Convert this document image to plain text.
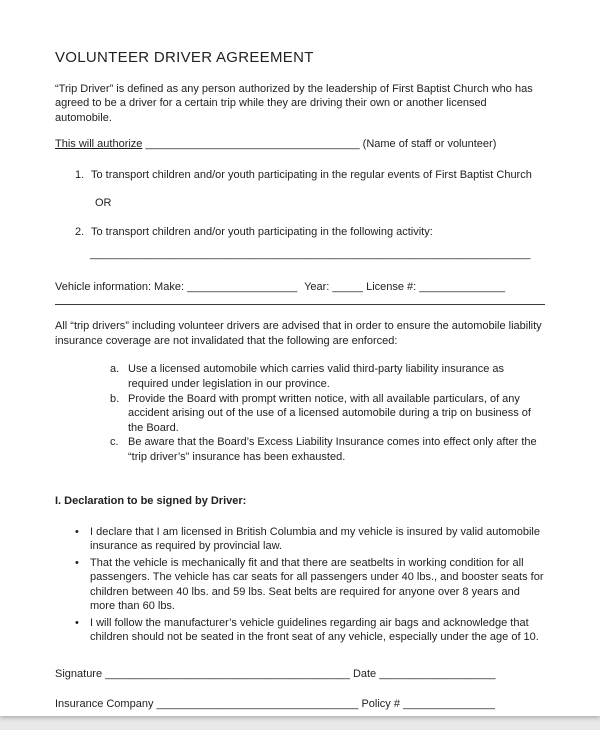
VOLUNTEER DRIVER AGREEMENT

“Trip Driver” is defined as any person authorized by the leadership of First Baptist Church who has agreed to be a driver for a certain trip while they are driving their own or another licensed automobile.

This will authorize ___________________________________ (Name of staff or volunteer)

1. To transport children and/or youth participating in the regular events of First Baptist Church
OR
2. To transport children and/or youth participating in the following activity:

________________________________________________________________________

Vehicle information: Make: __________________ Year: _____ License #: ______________

All “trip drivers” including volunteer drivers are advised that in order to ensure the automobile liability insurance coverage are not invalidated that the following are enforced:

a. Use a licensed automobile which carries valid third-party liability insurance as required under legislation in our province.
b. Provide the Board with prompt written notice, with all available particulars, of any accident arising out of the use of a licensed automobile during a trip on business of the Board.
c. Be aware that the Board’s Excess Liability Insurance comes into effect only after the “trip driver’s” insurance has been exhausted.
I. Declaration to be signed by Driver:
•	I declare that I am licensed in British Columbia and my vehicle is insured by valid automobile insurance as required by provincial law.
•	That the vehicle is mechanically fit and that there are seatbelts in working condition for all passengers. The vehicle has car seats for all passengers under 40 lbs., and booster seats for children between 40 lbs. and 59 lbs. Seat belts are required for anyone over 8 years and more than 60 lbs.
•	I will follow the manufacturer’s vehicle guidelines regarding air bags and acknowledge that children should not be seated in the front seat of any vehicle, especially under the age of 10.

Signature ________________________________________ Date ___________________

Insurance Company _________________________________ Policy # _______________
